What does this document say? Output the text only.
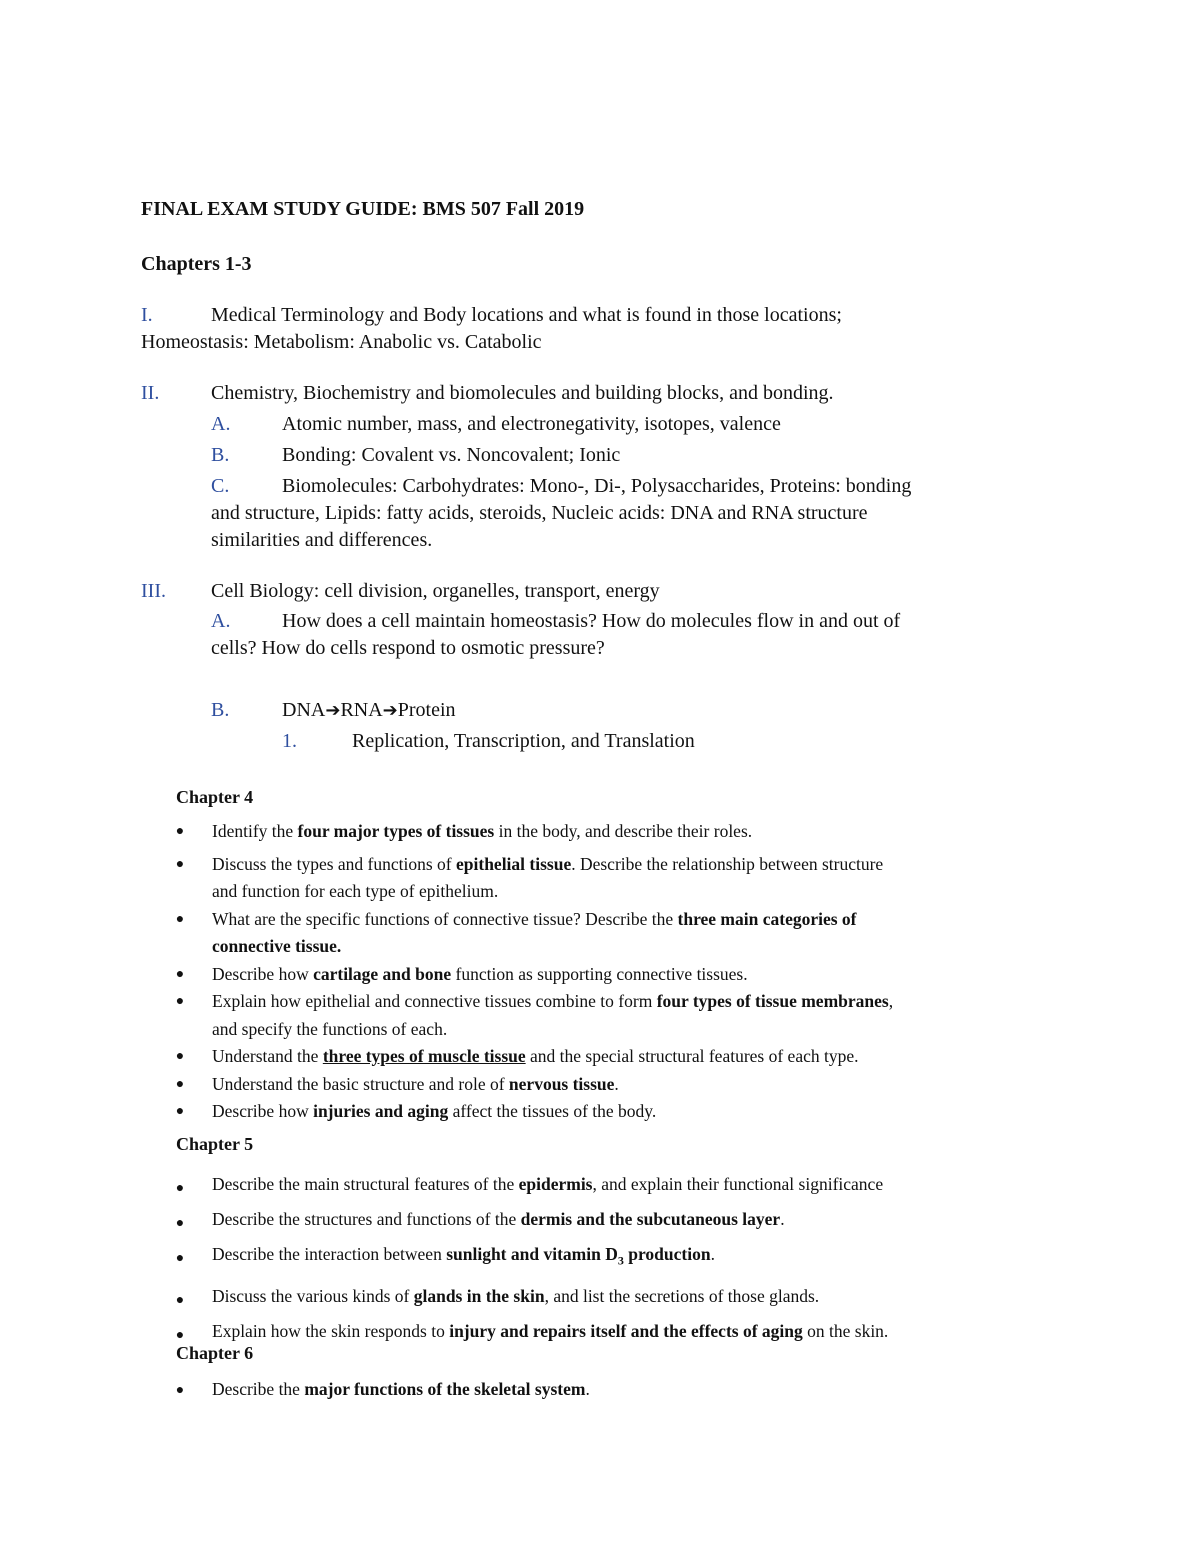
FINAL EXAM STUDY GUIDE: BMS 507 Fall 2019
Chapters 1-3
I.	Medical Terminology and Body locations and what is found in those locations;
Homeostasis: Metabolism: Anabolic vs. Catabolic
II.	Chemistry, Biochemistry and biomolecules and building blocks, and bonding.
A.	Atomic number, mass, and electronegativity, isotopes, valence
B.	Bonding: Covalent vs. Noncovalent; Ionic
C.	Biomolecules: Carbohydrates: Mono-, Di-, Polysaccharides, Proteins: bonding
and structure, Lipids: fatty acids, steroids, Nucleic acids: DNA and RNA structure
similarities and differences.
III. Cell Biology: cell division, organelles, transport, energy
A.	How does a cell maintain homeostasis? How do molecules flow in and out of
cells? How do cells respond to osmotic pressure?
B.	DNA➔RNA➔Protein
1.	Replication, Transcription, and Translation
Chapter 4
● Identify the four major types of tissues in the body, and describe their roles.
● Discuss the types and functions of epithelial tissue. Describe the relationship between structure
and function for each type of epithelium.
● What are the specific functions of connective tissue? Describe the three main categories of
connective tissue.
● Describe how cartilage and bone function as supporting connective tissues.
● Explain how epithelial and connective tissues combine to form four types of tissue membranes,
and specify the functions of each.
● Understand the three types of muscle tissue and the special structural features of each type.
● Understand the basic structure and role of nervous tissue.
● Describe how injuries and aging affect the tissues of the body.
Chapter 5
● Describe the main structural features of the epidermis, and explain their functional significance
● Describe the structures and functions of the dermis and the subcutaneous layer.
● Describe the interaction between sunlight and vitamin $D_3$ production.
● Discuss the various kinds of glands in the skin, and list the secretions of those glands.
● Explain how the skin responds to injury and repairs itself and the effects of aging on the skin.
Chapter 6
● Describe the major functions of the skeletal system.
